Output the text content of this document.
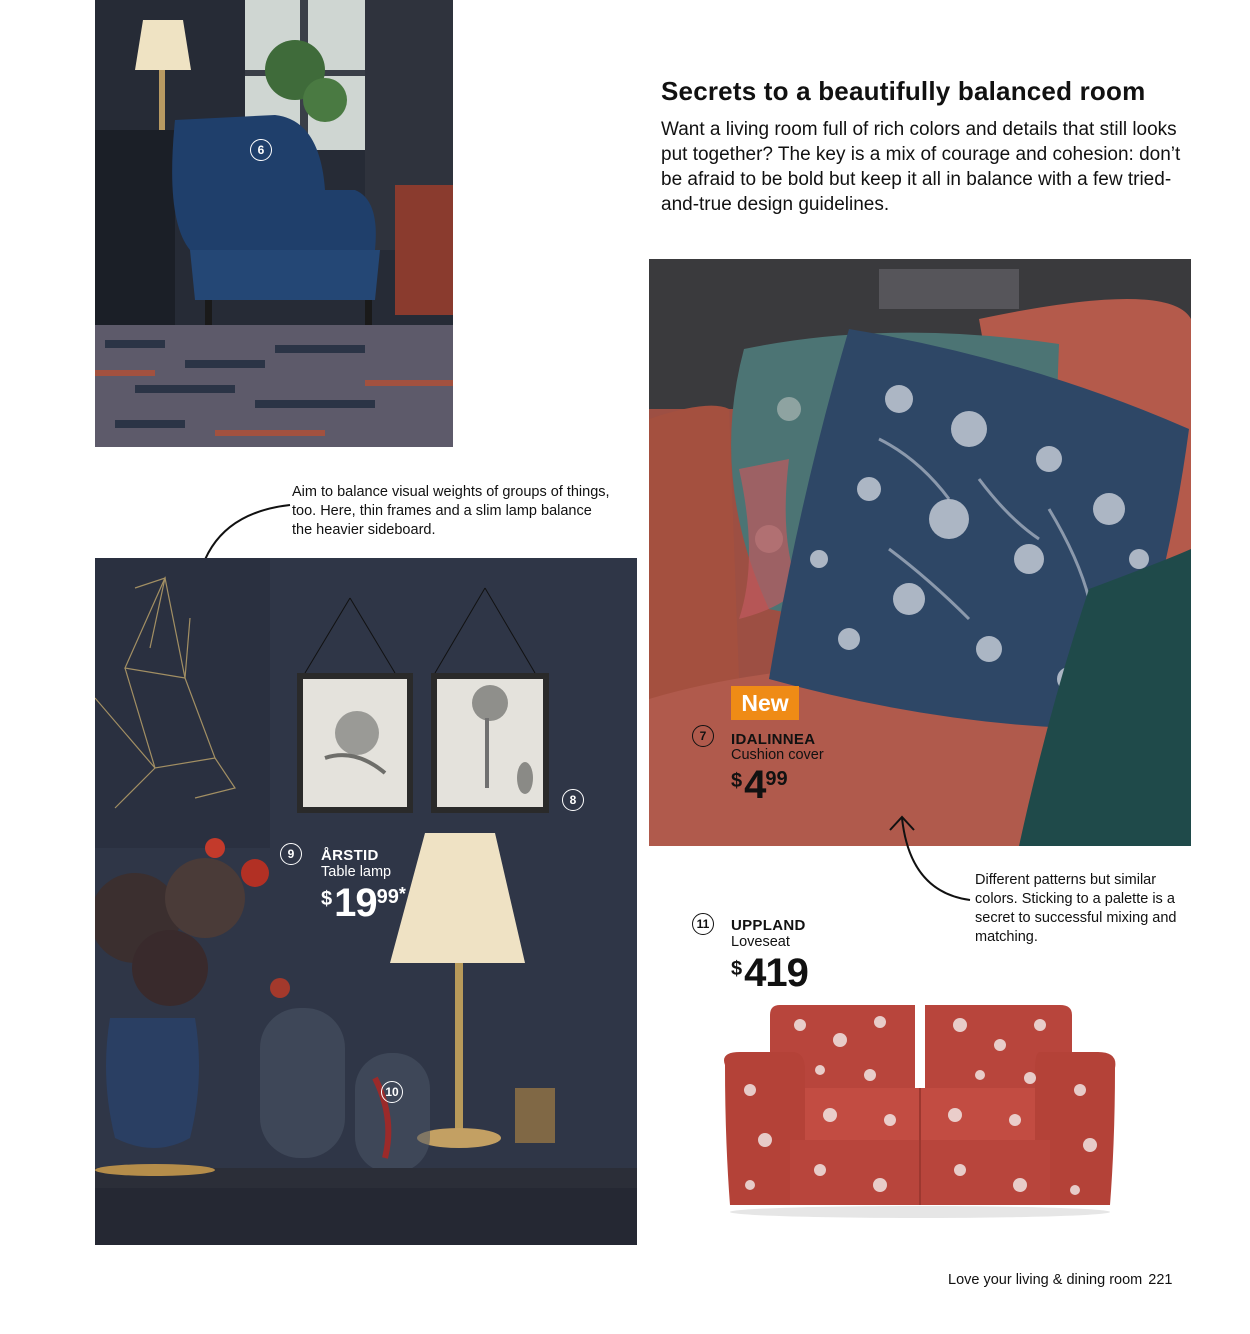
6
Secrets to a beautifully balanced room
Want a living room full of rich colors and details that still looks put together? The key is a mix of courage and cohesion: don’t be afraid to be bold but keep it all in balance with a few tried-and-true design guidelines.
New
7	IDALINNEA
Cushion cover
$ 4 99
Aim to balance visual weights of groups of things, too. Here, thin frames and a slim lamp balance the heavier sideboard.
8
9	ÅRSTID
Table lamp
$ 19 99 *
10
Different patterns but similar colors. Sticking to a palette is a secret to successful mixing and matching.
11	UPPLAND
Loveseat
$ 419
Love your living & dining room 221
